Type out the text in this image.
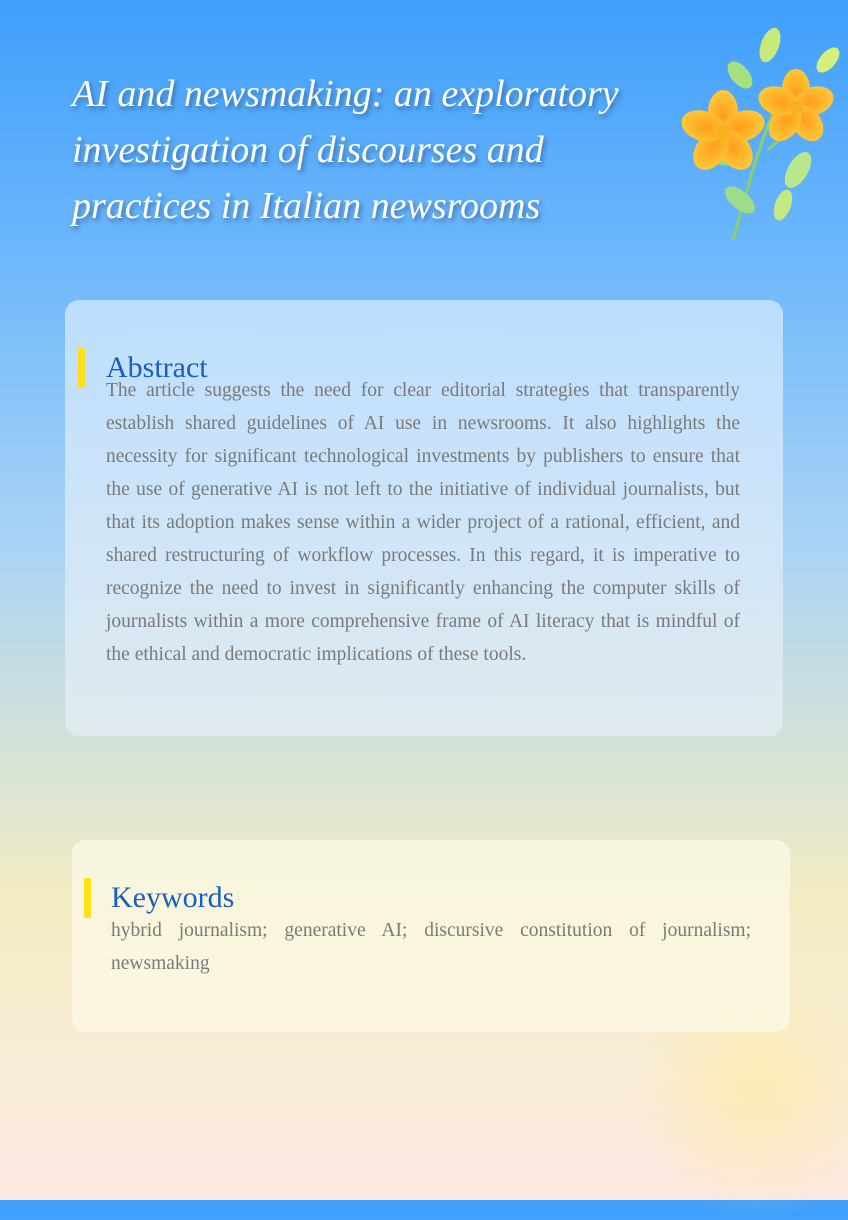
AI and newsmaking: an exploratory investigation of discourses and practices in Italian newsrooms
Abstract

The article suggests the need for clear editorial strategies that transparently establish shared guidelines of AI use in newsrooms. It also highlights the necessity for significant technological investments by publishers to ensure that the use of generative AI is not left to the initiative of individual journalists, but that its adoption makes sense within a wider project of a rational, efficient, and shared restructuring of workflow processes. In this regard, it is imperative to recognize the need to invest in significantly enhancing the computer skills of journalists within a more comprehensive frame of AI literacy that is mindful of the ethical and democratic implications of these tools.

Keywords

hybrid journalism; generative AI; discursive constitution of journalism; newsmaking
